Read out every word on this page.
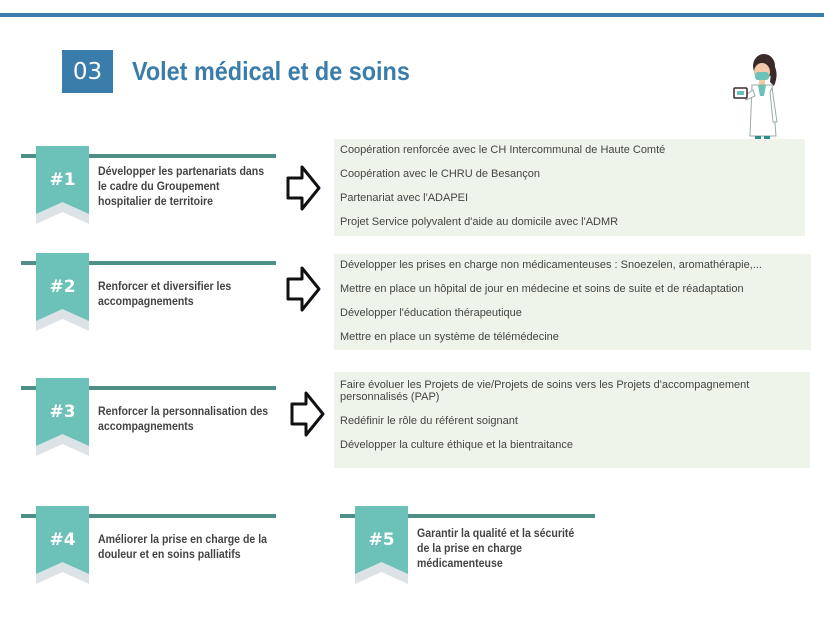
03	Volet médical et de soins
#1	Développer les partenariats dans le cadre du Groupement hospitalier de territoire
Coopération renforcée avec le CH Intercommunal de Haute Comté
Coopération avec le CHRU de Besançon
Partenariat avec l'ADAPEI
Projet Service polyvalent d'aide au domicile avec l'ADMR
#2	Renforcer et diversifier les accompagnements
Développer les prises en charge non médicamenteuses : Snoezelen, aromathérapie,...
Mettre en place un hôpital de jour en médecine et soins de suite et de réadaptation
Développer l'éducation thérapeutique
Mettre en place un système de télémédecine
#3	Renforcer la personnalisation des accompagnements
Faire évoluer les Projets de vie/Projets de soins vers les Projets d'accompagnement personnalisés (PAP)
Redéfinir le rôle du référent soignant
Développer la culture éthique et la bientraitance
#4	Améliorer la prise en charge de la douleur et en soins palliatifs
#5	Garantir la qualité et la sécurité de la prise en charge médicamenteuse
